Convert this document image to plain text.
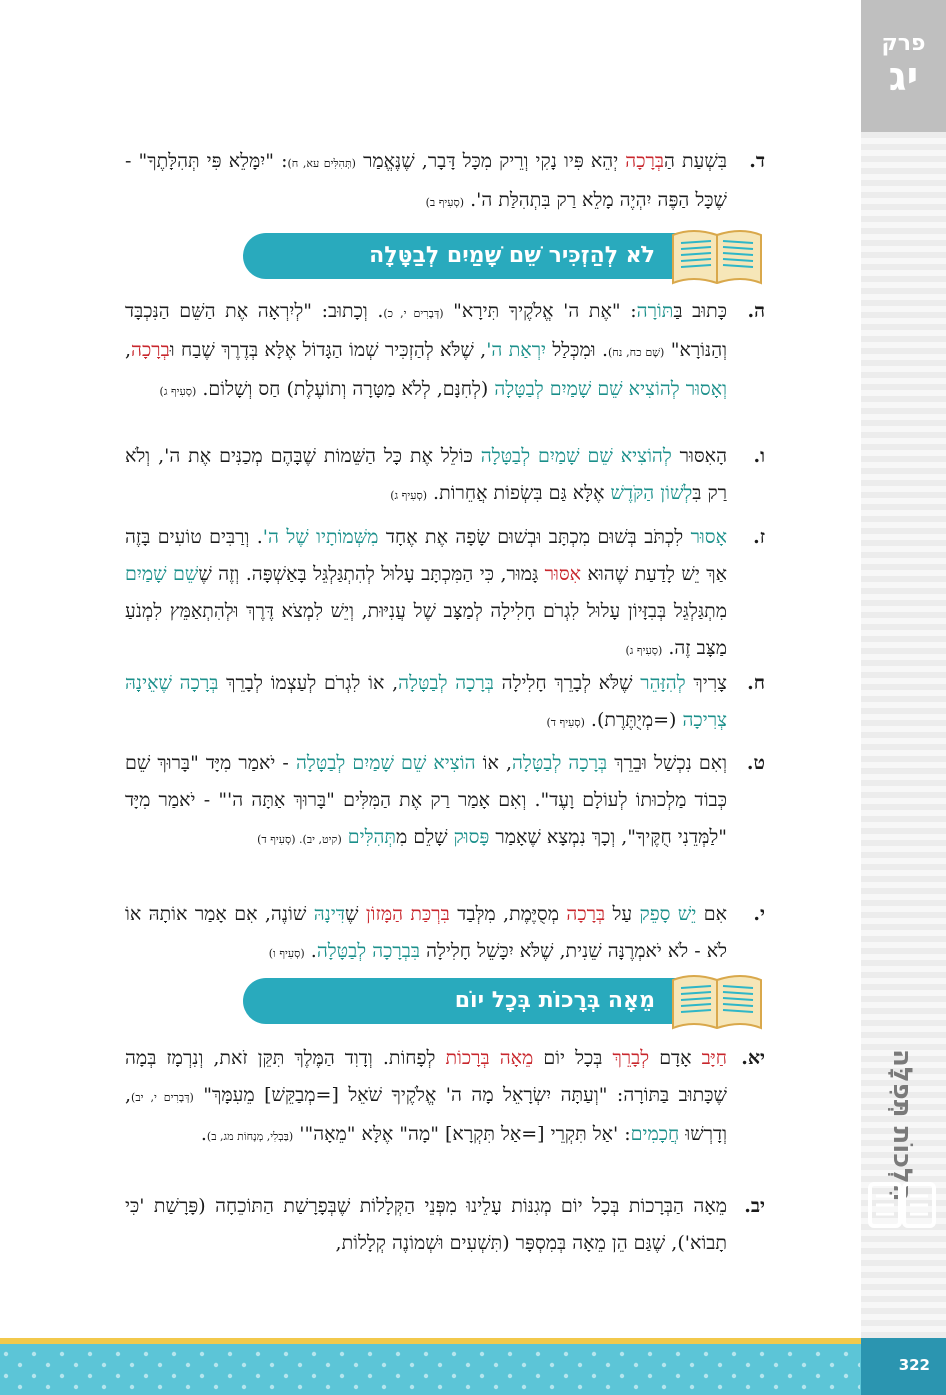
פרק
יג
הִלְכוֹת תְּפִלָּה
ד.
בִּשְׁעַת הַבְּרָכָה יְהֵא פִּיו נָקִי וְרֵיק מִכָּל דָּבָר, שֶׁנֶּאֱמַר (תְּהִלִּים עא, ח): "יִמָּלֵא פִּי תְּהִלָּתֶךָ" - שֶׁכָּל הַפֶּה יִהְיֶה מָלֵא רַק בִּתְהִלַּת ה'. (סְעִיף ב)
לֹא לְהַזְכִּיר שֵׁם שָׁמַיִם לְבַטָּלָה
ה.
כָּתוּב בַּתּוֹרָה: "אֶת ה' אֱלֹקֶיךָ תִּירָא" (דְּבָרִים י, כ). וְכָתוּב: "לְיִרְאָה אֶת הַשֵּׁם הַנִּכְבָּד וְהַנּוֹרָא" (שָׁם כח, נח). וּמִכְּלַל יִרְאַת ה', שֶׁלֹּא לְהַזְכִּיר שְׁמוֹ הַגָּדוֹל אֶלָּא בְּדֶרֶךְ שֶׁבַח וּבְרָכָה, וְאָסוּר לְהוֹצִיא שֵׁם שָׁמַיִם לְבַטָּלָה (לְחִנָּם, לְלֹא מַטָּרָה וְתוֹעֶלֶת) חַס וְשָׁלוֹם. (סְעִיף ג)
ו.
הָאִסּוּר לְהוֹצִיא שֵׁם שָׁמַיִם לְבַטָּלָה כּוֹלֵל אֶת כָּל הַשֵּׁמוֹת שֶׁבָּהֶם מְכַנִּים אֶת ה', וְלֹא רַק בִּלְשׁוֹן הַקֹּדֶשׁ אֶלָּא גַּם בִּשְׂפוֹת אֲחֵרוֹת. (סְעִיף ג)
ז.
אָסוּר לִכְתֹּב בְּשׁוּם מִכְתָּב וּבְשׁוּם שָׂפָה אֶת אֶחָד מִשְּׁמוֹתָיו שֶׁל ה'. וְרַבִּים טוֹעִים בָּזֶה אַךְ יֵשׁ לָדַעַת שֶׁהוּא אִסּוּר גָּמוּר, כִּי הַמִּכְתָּב עָלוּל לְהִתְגַּלְגֵּל בָּאַשְׁפָּה. וְזֶה שֶׁשֵׁם שָׁמַיִם מִתְגַּלְגֵּל בְּבִזָּיוֹן עָלוּל לִגְרֹם חָלִילָה לְמַצָּב שֶׁל עֲנִיּוּת, וְיֵשׁ לִמְצֹא דֶּרֶךְ וּלְהִתְאַמֵּץ לִמְנֹעַ מַצָּב זֶה. (סְעִיף ג)
ח.
צָרִיךְ לְהִזָּהֵר שֶׁלֹּא לְבָרֵךְ חָלִילָה בְּרָכָה לְבַטָּלָה, אוֹ לִגְרֹם לְעַצְמוֹ לְבָרֵךְ בְּרָכָה שֶׁאֵינָהּ צְרִיכָה (=מְיֻתֶּרֶת). (סְעִיף ד)
ט.
וְאִם נִכְשַׁל וּבֵרֵךְ בְּרָכָה לְבַטָּלָה, אוֹ הוֹצִיא שֵׁם שָׁמַיִם לְבַטָּלָה - יֹאמַר מִיָּד "בָּרוּךְ שֵׁם כְּבוֹד מַלְכוּתוֹ לְעוֹלָם וָעֶד". וְאִם אָמַר רַק אֶת הַמִּלִּים "בָּרוּךְ אַתָּה ה'" - יֹאמַר מִיָּד "לַמְּדֵנִי חֻקֶּיךָ", וְכָךְ נִמְצָא שֶׁאָמַר פָּסוּק שָׁלֵם מִתְּהִלִּים (קיט, יב). (סְעִיף ד)
י.
אִם יֵשׁ סָפֵק עַל בְּרָכָה מְסֻיֶּמֶת, מִלְּבַד בִּרְכַּת הַמָּזוֹן שֶׁדִּינָהּ שׁוֹנֶה, אִם אָמַר אוֹתָהּ אוֹ לֹא - לֹא יֹאמְרֶנָּה שֵׁנִית, שֶׁלֹּא יִכָּשֵׁל חָלִילָה בִּבְרָכָה לְבַטָּלָה. (סְעִיף ו)
מֵאָה בְּרָכוֹת בְּכָל יוֹם
יא.
חַיָּב אָדָם לְבָרֵךְ בְּכָל יוֹם מֵאָה בְּרָכוֹת לְפָחוֹת. וְדָוִד הַמֶּלֶךְ תִּקֵּן זֹאת, וְנִרְמָז בְּמָה שֶׁכָּתוּב בַּתּוֹרָה: "וְעַתָּה יִשְׂרָאֵל מָה ה' אֱלֹקֶיךָ שֹׁאֵל [=מְבַקֵּשׁ] מֵעִמָּךְ" (דְּבָרִים י, יב), וְדָרְשׁוּ חֲכָמִים: 'אַל תִּקְרֵי [=אַל תִּקְרָא] "מָה" אֶלָּא "מֵאָה"' (בַּבְלִי, מְנָחוֹת מג, ב).
יב.
מֵאָה הַבְּרָכוֹת בְּכָל יוֹם מְגִנּוֹת עָלֵינוּ מִפְּנֵי הַקְּלָלוֹת שֶׁבְּפָרָשַׁת הַתּוֹכֵחָה (פָּרָשַׁת 'כִּי תָבוֹא'), שֶׁגַּם הֵן מֵאָה בְּמִסְפָּר (תִּשְׁעִים וּשְׁמוֹנֶה קְלָלוֹת,
322
